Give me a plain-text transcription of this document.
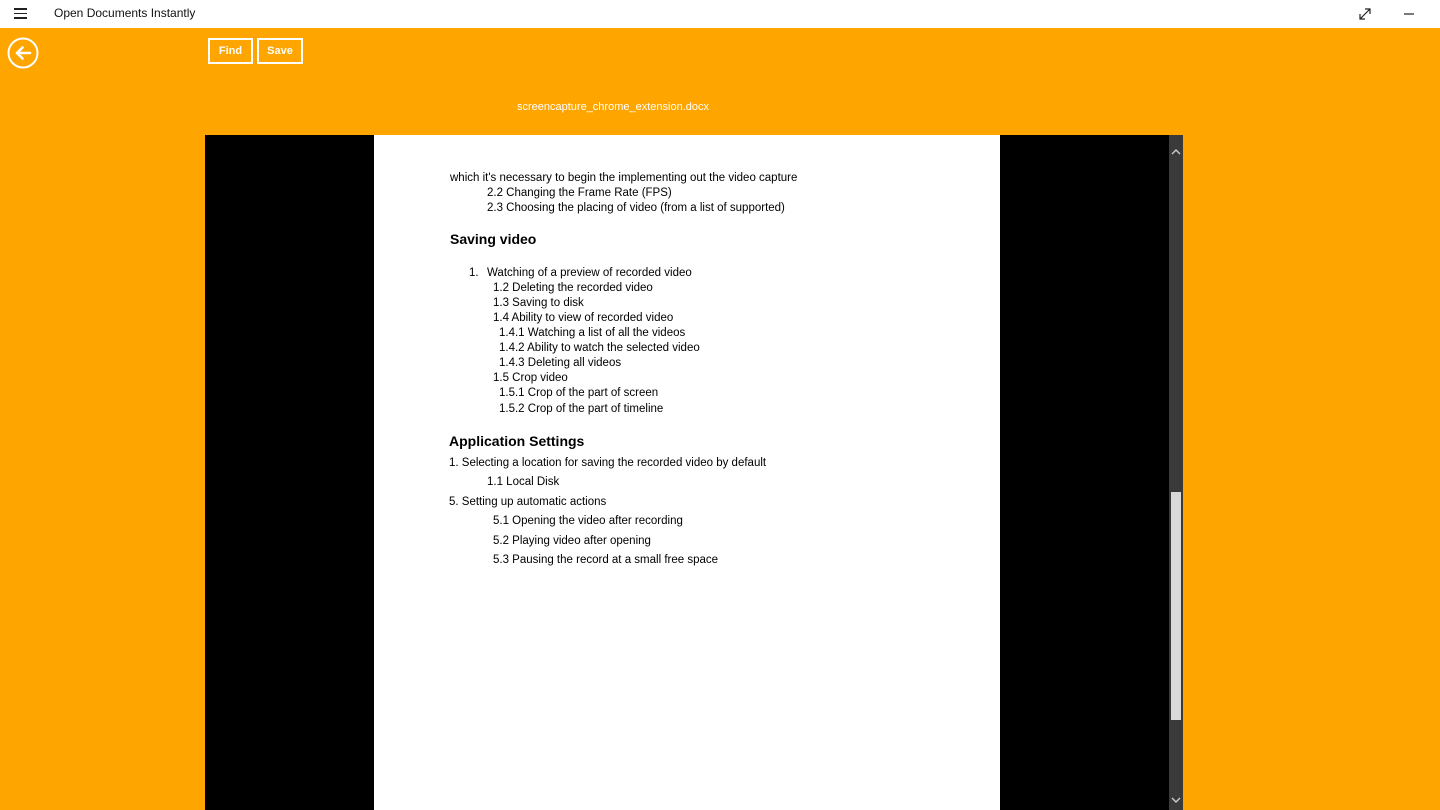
Open Documents Instantly
Find	Save
screencapture_chrome_extension.docx
which it's necessary to begin the implementing out the video capture
2.2 Changing the Frame Rate (FPS)
2.3 Choosing the placing of video (from a list of supported)
Saving video
1. Watching of a preview of recorded video
1.2 Deleting the recorded video
1.3 Saving to disk
1.4 Ability to view of recorded video
1.4.1 Watching a list of all the videos
1.4.2 Ability to watch the selected video
1.4.3 Deleting all videos
1.5 Crop video
1.5.1 Crop of the part of screen
1.5.2 Crop of the part of timeline
Application Settings
1. Selecting a location for saving the recorded video by default
1.1 Local Disk
5. Setting up automatic actions
5.1 Opening the video after recording
5.2 Playing video after opening
5.3 Pausing the record at a small free space
